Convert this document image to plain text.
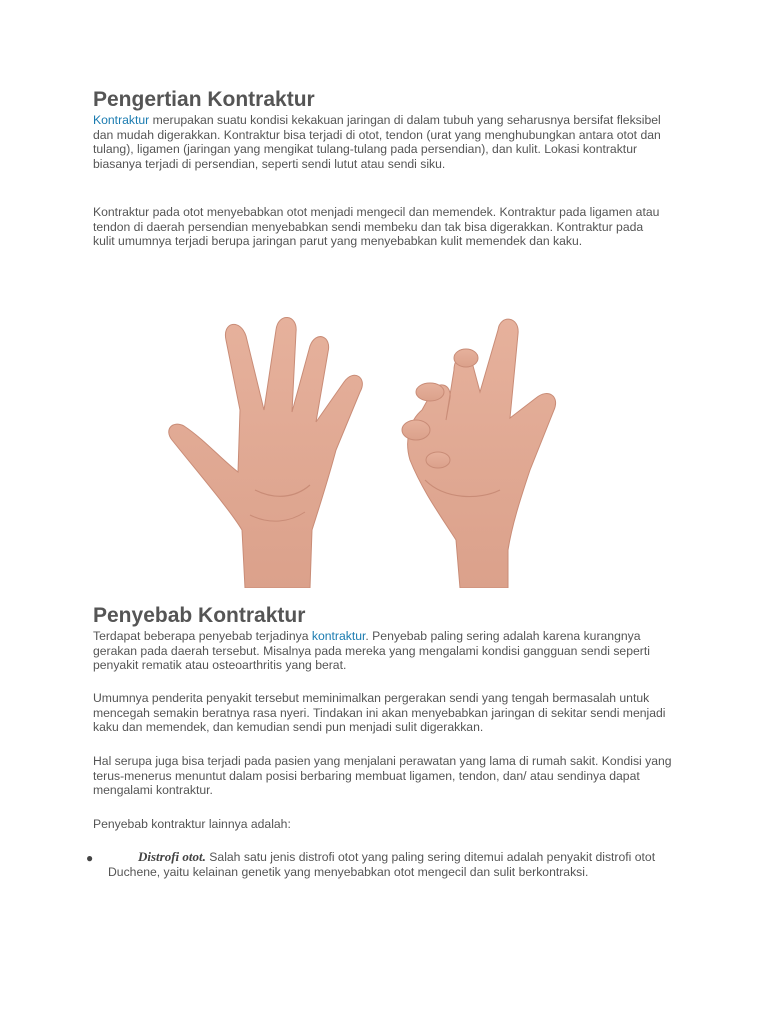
Pengertian Kontraktur

Kontraktur merupakan suatu kondisi kekakuan jaringan di dalam tubuh yang seharusnya bersifat fleksibel dan mudah digerakkan. Kontraktur bisa terjadi di otot, tendon (urat yang menghubungkan antara otot dan tulang), ligamen (jaringan yang mengikat tulang-tulang pada persendian), dan kulit. Lokasi kontraktur biasanya terjadi di persendian, seperti sendi lutut atau sendi siku.

Kontraktur pada otot menyebabkan otot menjadi mengecil dan memendek. Kontraktur pada ligamen atau tendon di daerah persendian menyebabkan sendi membeku dan tak bisa digerakkan. Kontraktur pada kulit umumnya terjadi berupa jaringan parut yang menyebabkan kulit memendek dan kaku.

Penyebab Kontraktur

Terdapat beberapa penyebab terjadinya kontraktur. Penyebab paling sering adalah karena kurangnya gerakan pada daerah tersebut. Misalnya pada mereka yang mengalami kondisi gangguan sendi seperti penyakit rematik atau osteoarthritis yang berat.

Umumnya penderita penyakit tersebut meminimalkan pergerakan sendi yang tengah bermasalah untuk mencegah semakin beratnya rasa nyeri. Tindakan ini akan menyebabkan jaringan di sekitar sendi menjadi kaku dan memendek, dan kemudian sendi pun menjadi sulit digerakkan.

Hal serupa juga bisa terjadi pada pasien yang menjalani perawatan yang lama di rumah sakit. Kondisi yang terus-menerus menuntut dalam posisi berbaring membuat ligamen, tendon, dan/ atau sendinya dapat mengalami kontraktur.

Penyebab kontraktur lainnya adalah:

●	Distrofi otot. Salah satu jenis distrofi otot yang paling sering ditemui adalah penyakit distrofi otot Duchene, yaitu kelainan genetik yang menyebabkan otot mengecil dan sulit berkontraksi.
